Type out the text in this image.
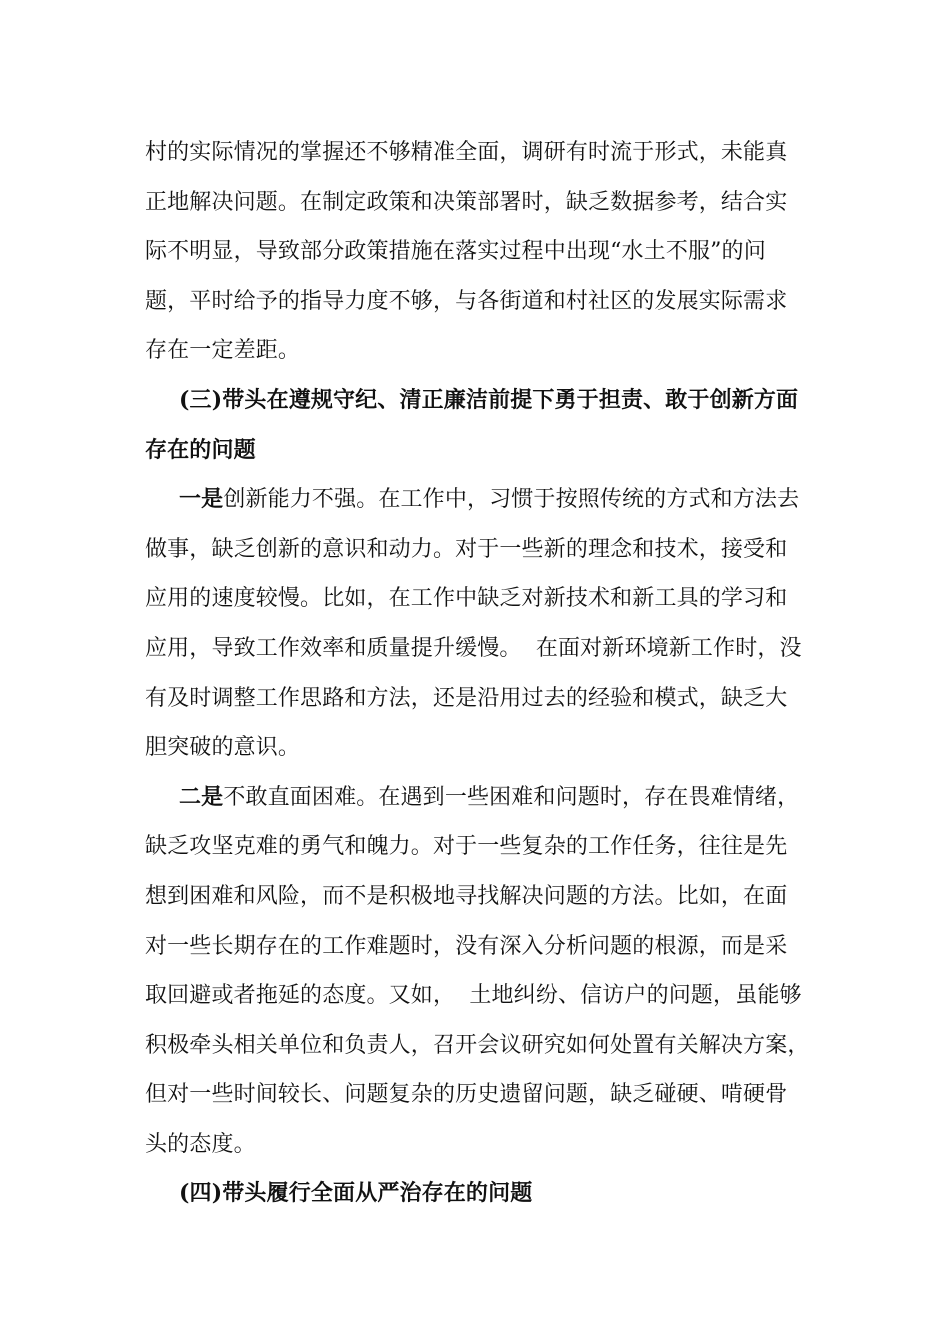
村的实际情况的掌握还不够精准全面，调研有时流于形式，未能真
正地解决问题。在制定政策和决策部署时，缺乏数据参考，结合实
际不明显，导致部分政策措施在落实过程中出现“水土不服”的问
题，平时给予的指导力度不够，与各街道和村社区的发展实际需求
存在一定差距。
(三)带头在遵规守纪、清正廉洁前提下勇于担责、敢于创新方面
存在的问题
一是创新能力不强。在工作中，习惯于按照传统的方式和方法去
做事，缺乏创新的意识和动力。对于一些新的理念和技术，接受和
应用的速度较慢。比如，在工作中缺乏对新技术和新工具的学习和
应用，导致工作效率和质量提升缓慢。  在面对新环境新工作时，没
有及时调整工作思路和方法，还是沿用过去的经验和模式，缺乏大
胆突破的意识。
二是不敢直面困难。在遇到一些困难和问题时，存在畏难情绪，
缺乏攻坚克难的勇气和魄力。对于一些复杂的工作任务，往往是先
想到困难和风险，而不是积极地寻找解决问题的方法。比如，在面
对一些长期存在的工作难题时，没有深入分析问题的根源，而是采
取回避或者拖延的态度。又如，  土地纠纷、信访户的问题，虽能够
积极牵头相关单位和负责人，召开会议研究如何处置有关解决方案，
但对一些时间较长、问题复杂的历史遗留问题，缺乏碰硬、啃硬骨
头的态度。
(四)带头履行全面从严治存在的问题
